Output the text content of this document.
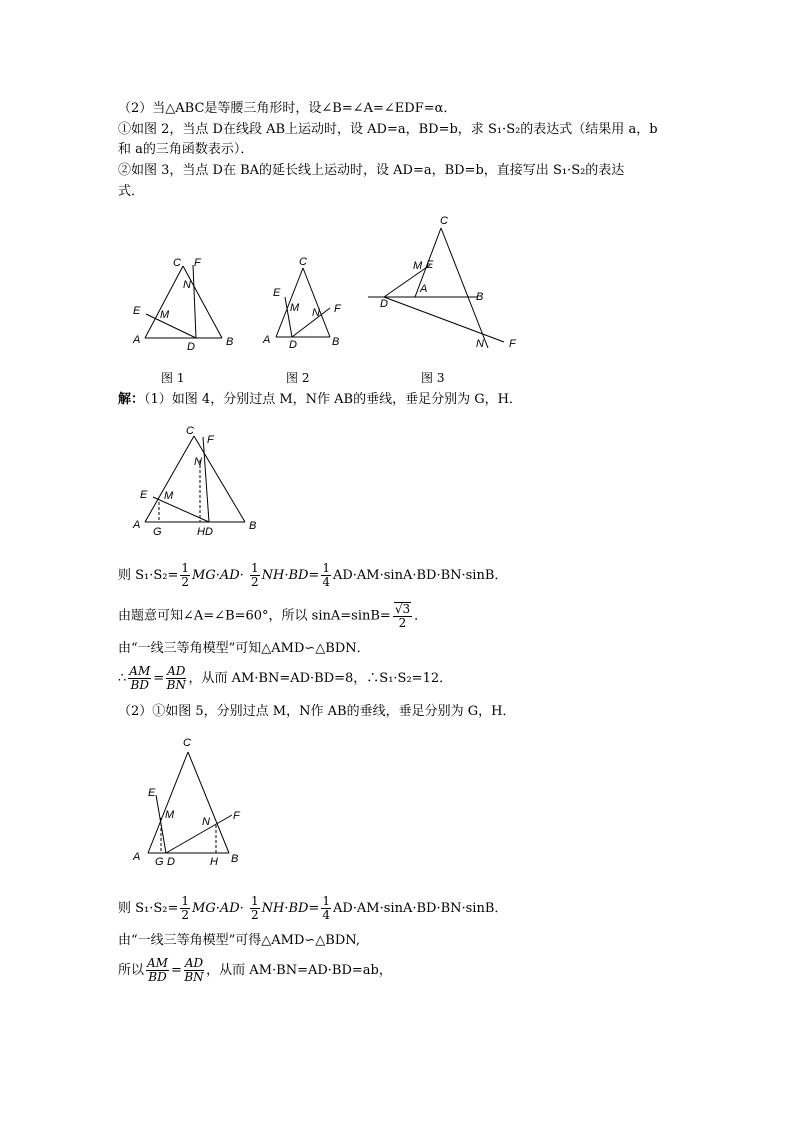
（2）当△ABC是等腰三角形时，设∠B=∠A=∠EDF=α．
①如图 2，当点 D在线段 AB上运动时，设 AD=a，BD=b，求 S₁·S₂的表达式（结果用 a，b
和 a的三角函数表示）．
②如图 3，当点 D在 BA的延长线上运动时，设 AD=a，BD=b，直接写出 S₁·S₂的表达
式．
C F
N
E M
A
D	B
C
E
M N F
A D	B
C
M E
A
B
D
N F
图 1	图 2	图 3
解：（1）如图 4，分别过点 M，N作 AB的垂线，垂足分别为 G，H．
C
F
N
E M
A
G	HD	B
则 $S_1\cdot S_2= \frac{1}{2} MG\cdot AD\cdot \frac{1}{2} NH\cdot BD= \frac{1}{4} AD\cdot AM\cdot\sin A\cdot BD\cdot BN\cdot\sin B$．
由题意可知∠A=∠B=60°，所以 $\sin A=\sin B= \frac{√3}{2}$ ．
由“一线三等角模型”可知△AMD∽△BDN．
∴ $\frac{AM}{BD} = \frac{AD}{BN}$ ，从而 AM·BN=AD·BD=8，∴S₁·S₂=12．
（2）①如图 5，分别过点 M，N作 AB的垂线，垂足分别为 G，H．
C
E
M
N F
A G D	H B
则 $S_1\cdot S_2= \frac{1}{2} MG\cdot AD\cdot \frac{1}{2} NH\cdot BD= \frac{1}{4} AD\cdot AM\cdot\sin A\cdot BD\cdot BN\cdot\sin B$．
由“一线三等角模型”可得△AMD∽△BDN,
所以 $\frac{AM}{BD} = \frac{AD}{BN}$ ，从而 AM·BN=AD·BD=ab，
